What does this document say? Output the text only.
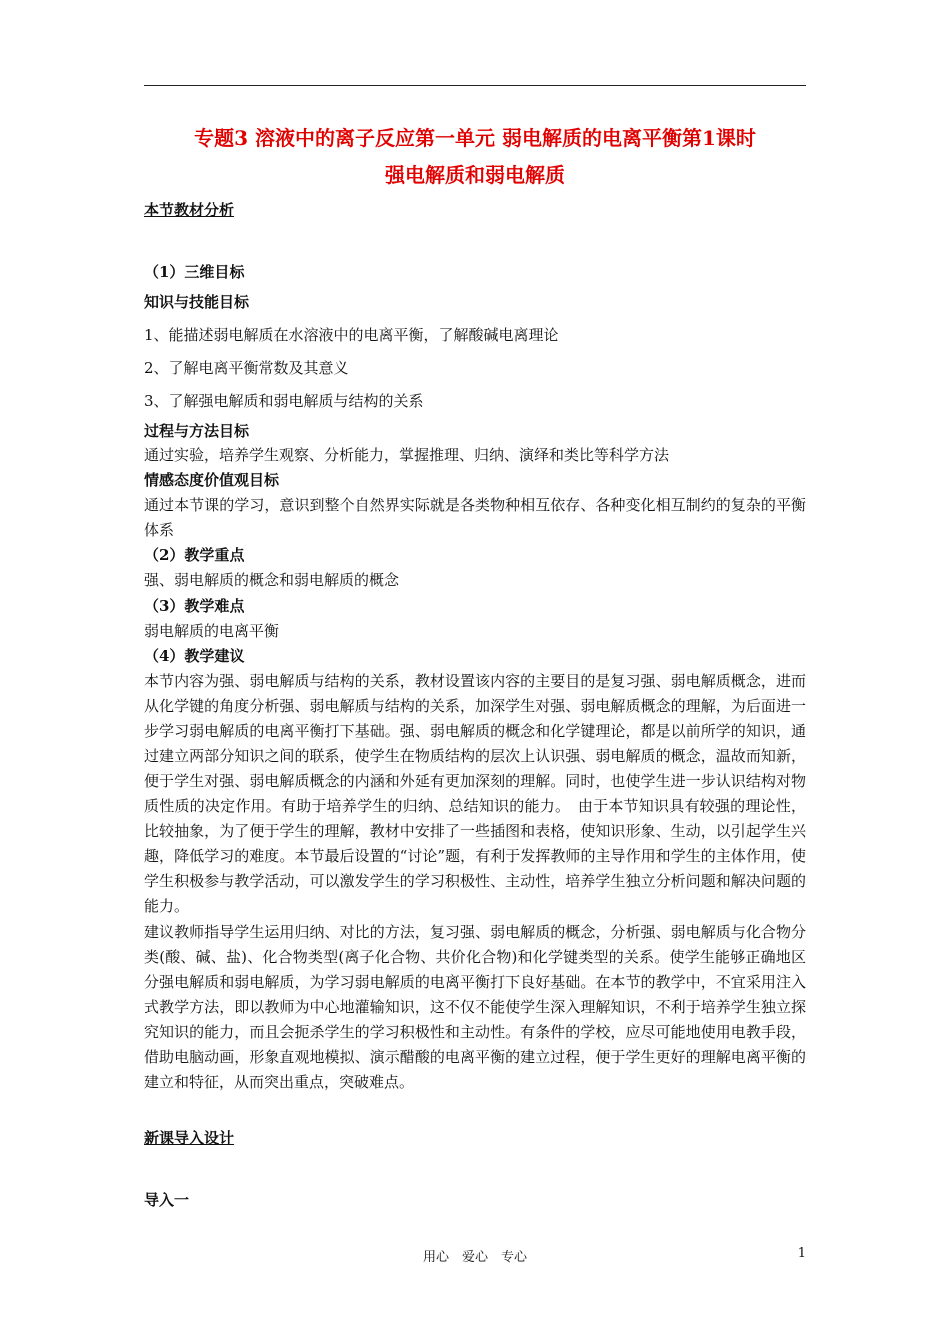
专题3 溶液中的离子反应第一单元 弱电解质的电离平衡第1课时
强电解质和弱电解质

本节教材分析

（1）三维目标

知识与技能目标

1、能描述弱电解质在水溶液中的电离平衡，了解酸碱电离理论

2、了解电离平衡常数及其意义

3、了解强电解质和弱电解质与结构的关系

过程与方法目标

通过实验，培养学生观察、分析能力，掌握推理、归纳、演绎和类比等科学方法

情感态度价值观目标

通过本节课的学习，意识到整个自然界实际就是各类物种相互依存、各种变化相互制约的复杂的平衡体系

（2）教学重点

强、弱电解质的概念和弱电解质的概念

（3）教学难点

弱电解质的电离平衡

（4）教学建议

本节内容为强、弱电解质与结构的关系，教材设置该内容的主要目的是复习强、弱电解质概念，进而从化学键的角度分析强、弱电解质与结构的关系，加深学生对强、弱电解质概念的理解，为后面进一步学习弱电解质的电离平衡打下基础。强、弱电解质的概念和化学键理论，都是以前所学的知识，通过建立两部分知识之间的联系，使学生在物质结构的层次上认识强、弱电解质的概念，温故而知新，便于学生对强、弱电解质概念的内涵和外延有更加深刻的理解。同时，也使学生进一步认识结构对物质性质的决定作用。有助于培养学生的归纳、总结知识的能力。　由于本节知识具有较强的理论性，比较抽象，为了便于学生的理解，教材中安排了一些插图和表格，使知识形象、生动，以引起学生兴趣，降低学习的难度。本节最后设置的“讨论”题，有利于发挥教师的主导作用和学生的主体作用，使学生积极参与教学活动，可以激发学生的学习积极性、主动性，培养学生独立分析问题和解决问题的能力。

建议教师指导学生运用归纳、对比的方法，复习强、弱电解质的概念，分析强、弱电解质与化合物分类(酸、碱、盐)、化合物类型(离子化合物、共价化合物)和化学键类型的关系。使学生能够正确地区分强电解质和弱电解质，为学习弱电解质的电离平衡打下良好基础。在本节的教学中，不宜采用注入式教学方法，即以教师为中心地灌输知识，这不仅不能使学生深入理解知识，不利于培养学生独立探究知识的能力，而且会扼杀学生的学习积极性和主动性。有条件的学校，应尽可能地使用电教手段，借助电脑动画，形象直观地模拟、演示醋酸的电离平衡的建立过程，便于学生更好的理解电离平衡的建立和特征，从而突出重点，突破难点。

新课导入设计

导入一

用心　爱心　专心	1
